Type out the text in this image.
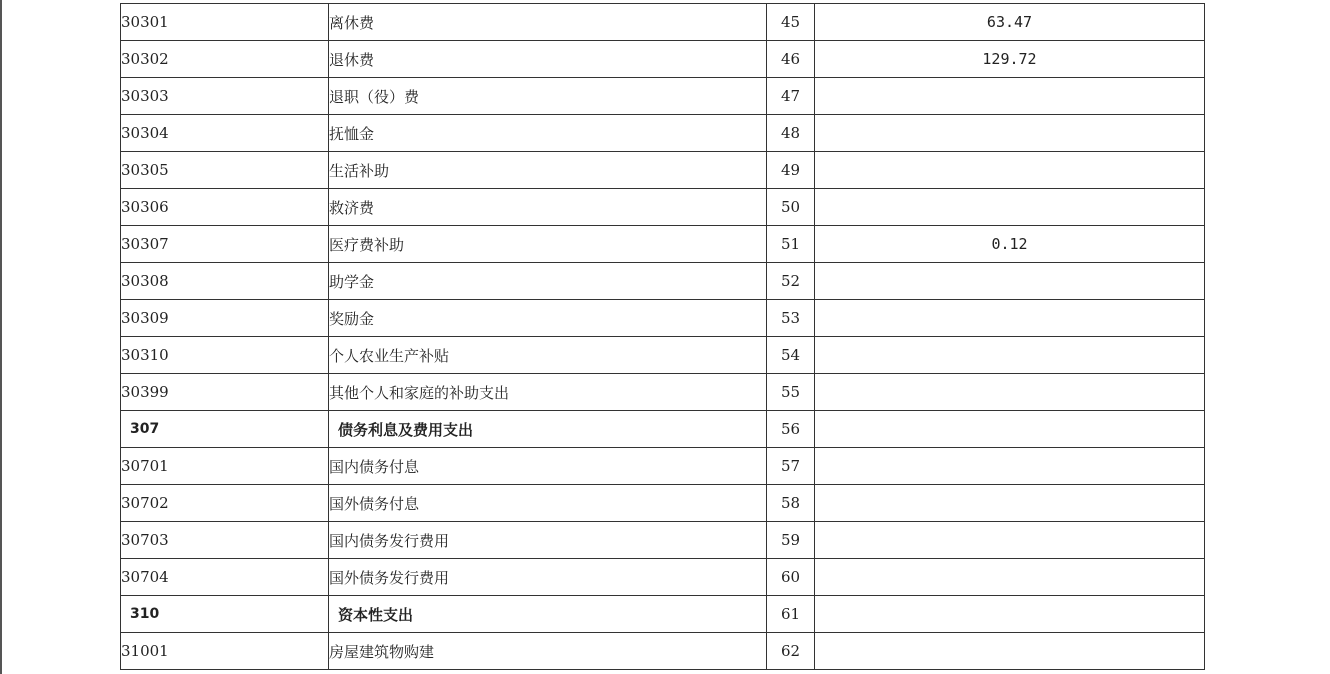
30301	离休费	45	63.47
30302	退休费	46	129.72
30303	退职（役）费	47	
30304	抚恤金	48	
30305	生活补助	49	
30306	救济费	50	
30307	医疗费补助	51	0.12
30308	助学金	52	
30309	奖励金	53	
30310	个人农业生产补贴	54	
30399	其他个人和家庭的补助支出	55	
307	债务利息及费用支出	56	
30701	国内债务付息	57	
30702	国外债务付息	58	
30703	国内债务发行费用	59	
30704	国外债务发行费用	60	
310	资本性支出	61	
31001	房屋建筑物购建	62	
